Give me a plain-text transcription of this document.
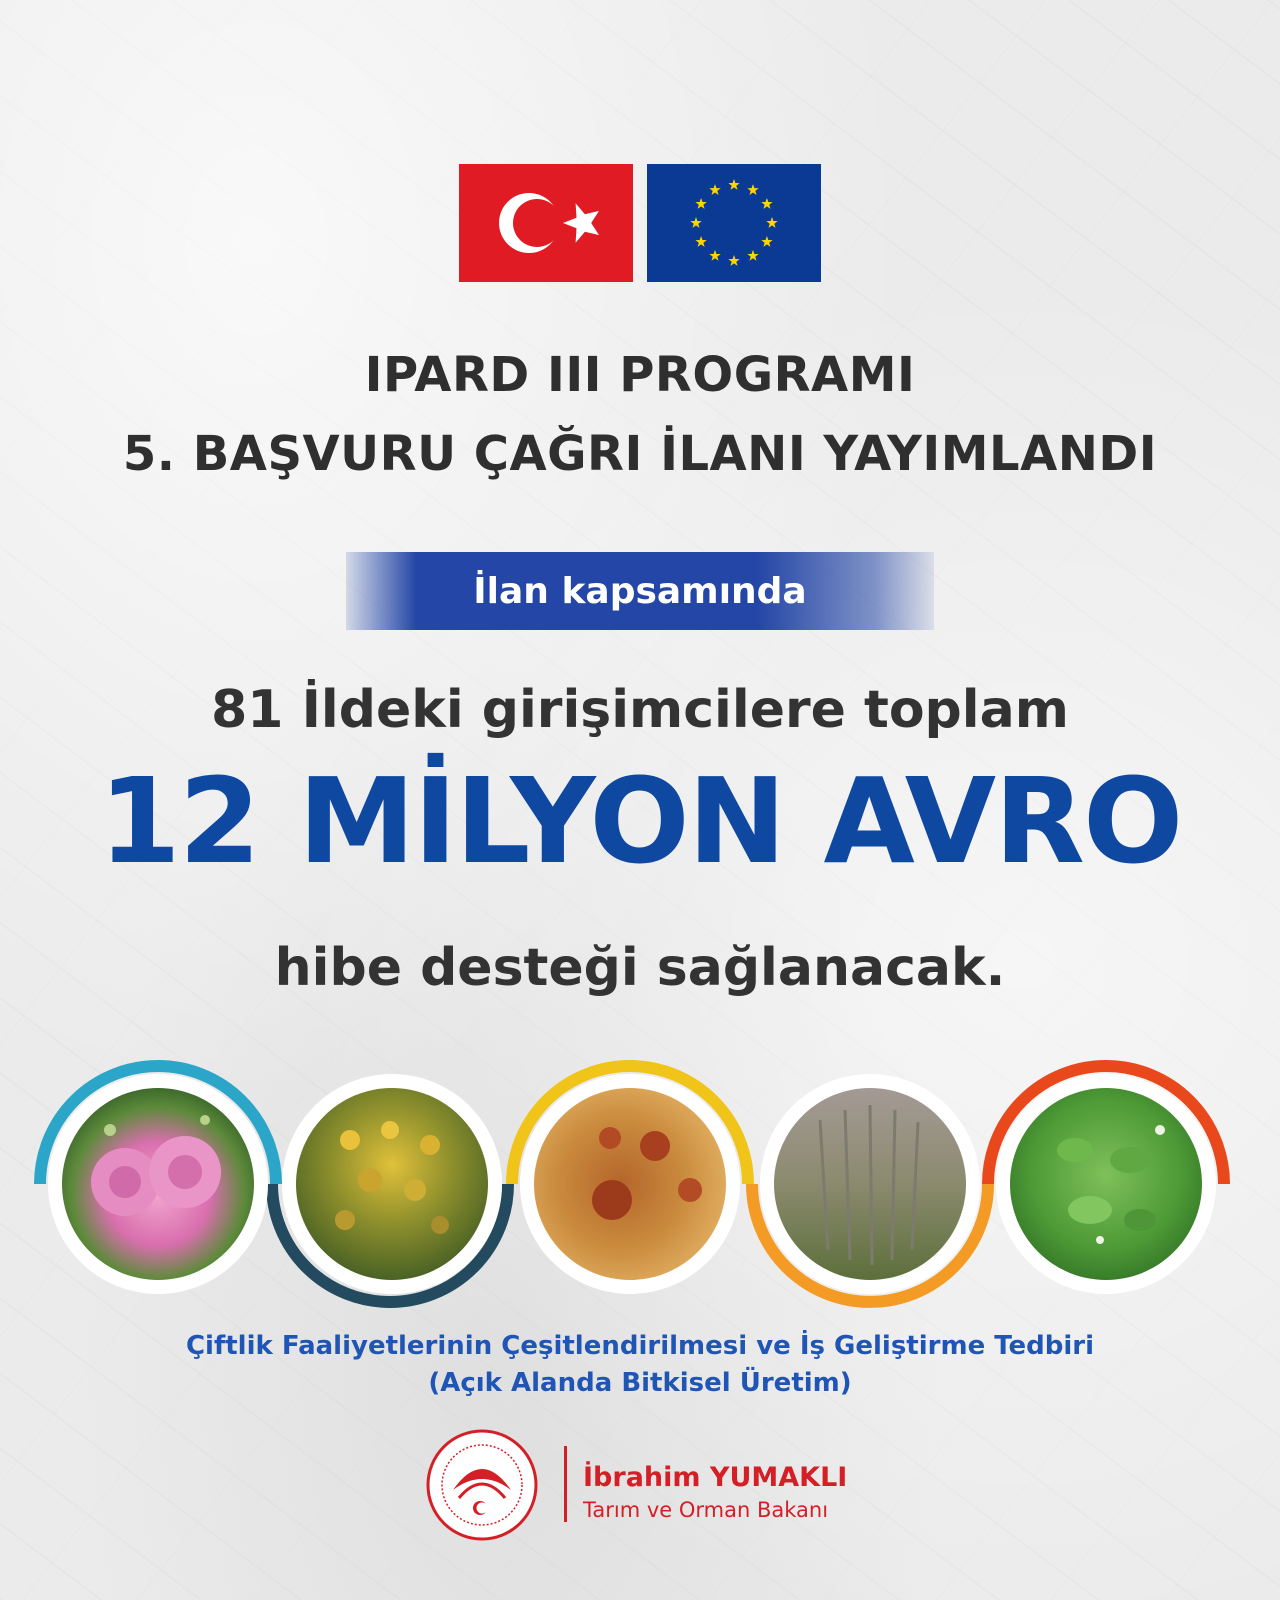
IPARD III PROGRAMI
5. BAŞVURU ÇAĞRI İLANI YAYIMLANDI
İlan kapsamında
81 İldeki girişimcilere toplam
12 MİLYON AVRO
hibe desteği sağlanacak.
Çiftlik Faaliyetlerinin Çeşitlendirilmesi ve İş Geliştirme Tedbiri
(Açık Alanda Bitkisel Üretim)
İbrahim YUMAKLI
Tarım ve Orman Bakanı
